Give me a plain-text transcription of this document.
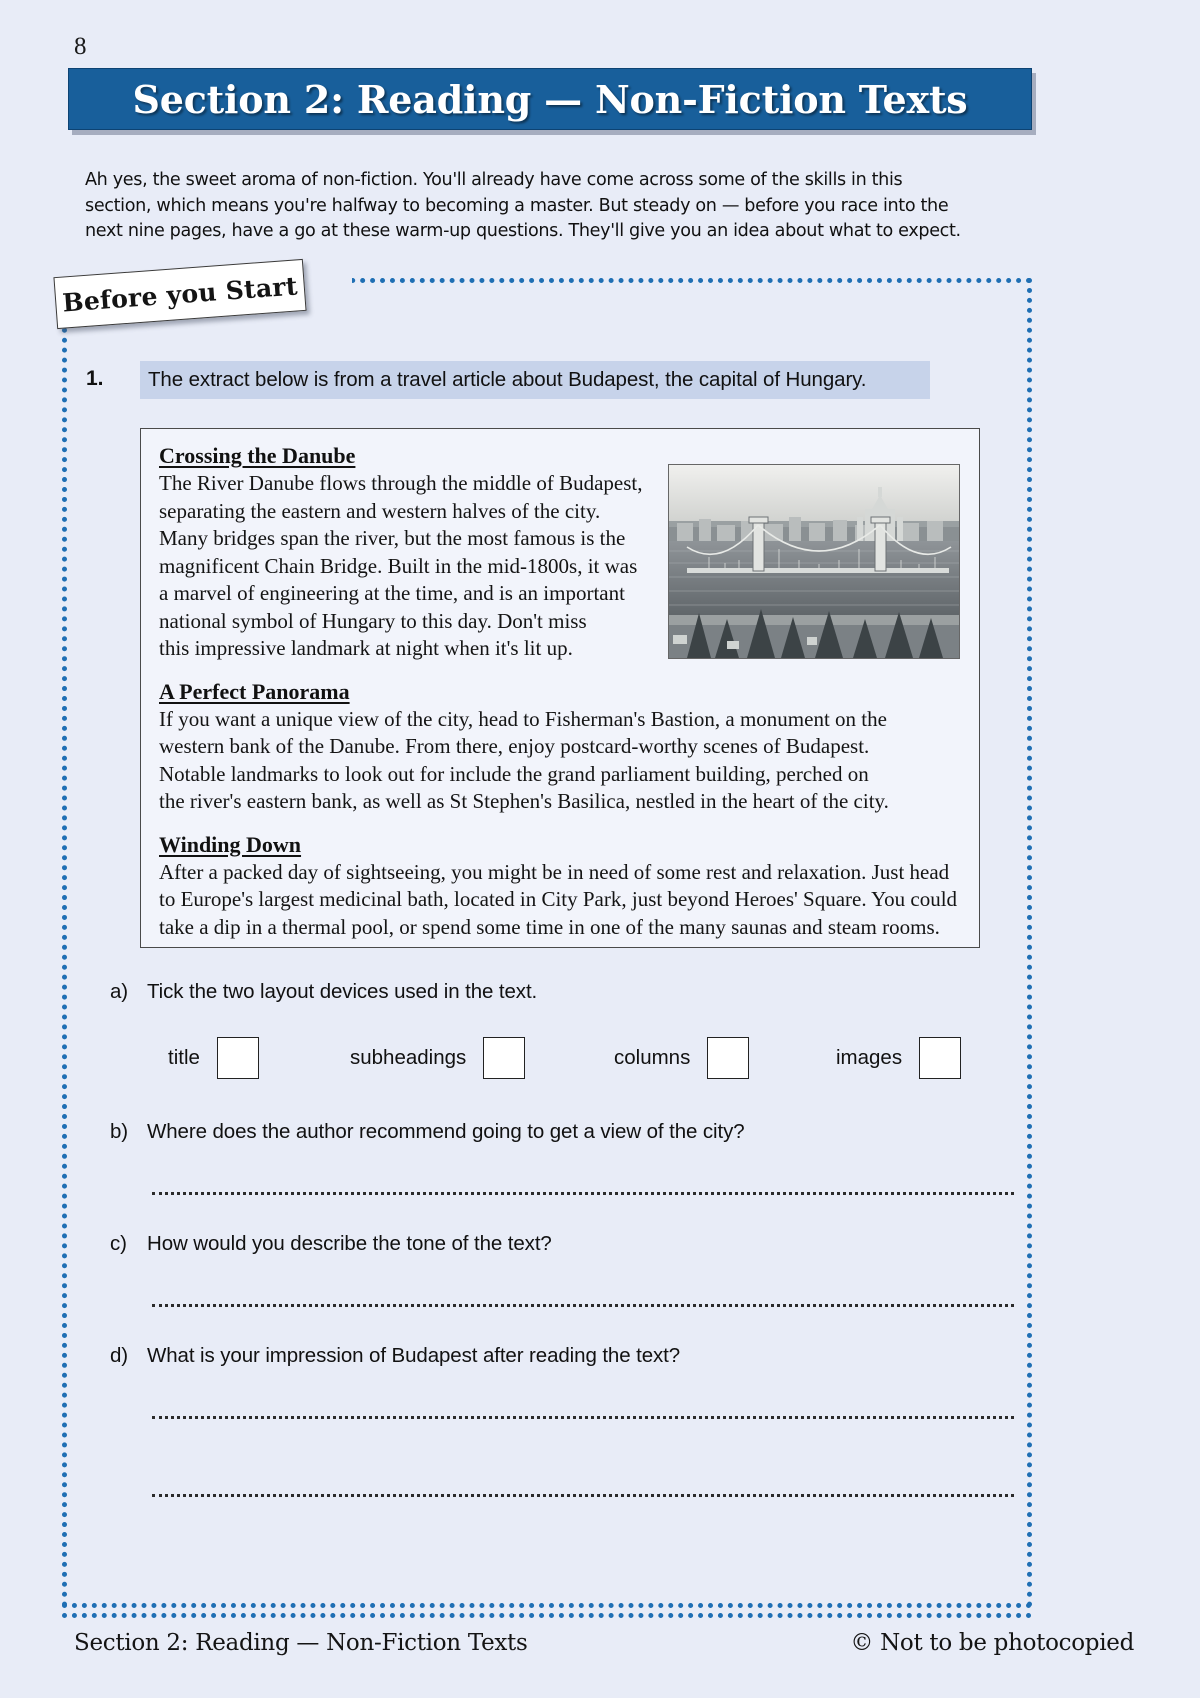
8
Section 2: Reading — Non-Fiction Texts
Ah yes, the sweet aroma of non-fiction. You'll already have come across some of the skills in this
section, which means you're halfway to becoming a master. But steady on — before you race into the
next nine pages, have a go at these warm-up questions. They'll give you an idea about what to expect.
Before you Start
1. The extract below is from a travel article about Budapest, the capital of Hungary.
Crossing the Danube
The River Danube flows through the middle of Budapest,
separating the eastern and western halves of the city.
Many bridges span the river, but the most famous is the
magnificent Chain Bridge. Built in the mid-1800s, it was
a marvel of engineering at the time, and is an important
national symbol of Hungary to this day. Don't miss
this impressive landmark at night when it's lit up.
A Perfect Panorama
If you want a unique view of the city, head to Fisherman's Bastion, a monument on the
western bank of the Danube. From there, enjoy postcard-worthy scenes of Budapest.
Notable landmarks to look out for include the grand parliament building, perched on
the river's eastern bank, as well as St Stephen's Basilica, nestled in the heart of the city.
Winding Down
After a packed day of sightseeing, you might be in need of some rest and relaxation. Just head
to Europe's largest medicinal bath, located in City Park, just beyond Heroes' Square. You could
take a dip in a thermal pool, or spend some time in one of the many saunas and steam rooms.
a) Tick the two layout devices used in the text.
title	subheadings	columns	images
b) Where does the author recommend going to get a view of the city?
c) How would you describe the tone of the text?
d) What is your impression of Budapest after reading the text?
Section 2: Reading — Non-Fiction Texts	© Not to be photocopied
